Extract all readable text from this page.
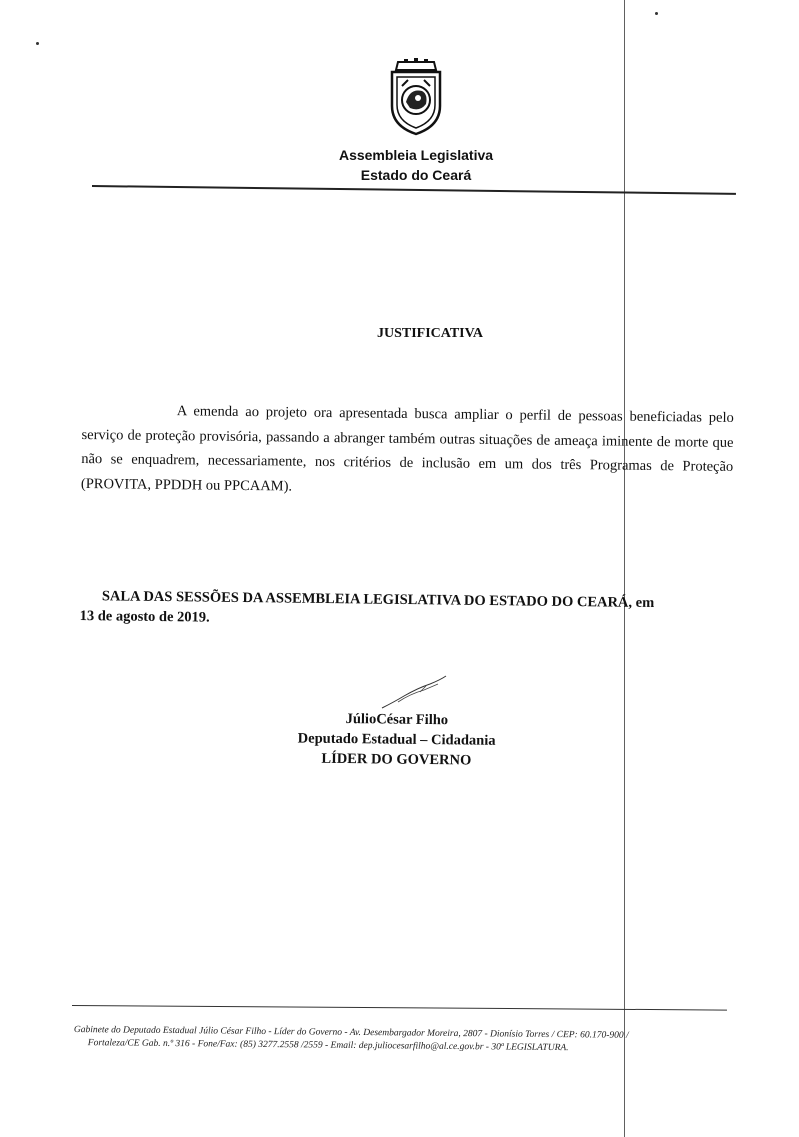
Assembleia Legislativa
Estado do Ceará
JUSTIFICATIVA

A emenda ao projeto ora apresentada busca ampliar o perfil de pessoas beneficiadas pelo serviço de proteção provisória, passando a abranger também outras situações de ameaça iminente de morte que não se enquadrem, necessariamente, nos critérios de inclusão em um dos três Programas de Proteção (PROVITA, PPDDH ou PPCAAM).

SALA DAS SESSÕES DA ASSEMBLEIA LEGISLATIVA DO ESTADO DO CEARÁ, em
13 de agosto de 2019.
JúlioCésar Filho
Deputado Estadual – Cidadania
LÍDER DO GOVERNO
Gabinete do Deputado Estadual Júlio César Filho - Líder do Governo - Av. Desembargador Moreira, 2807 - Dionísio Torres / CEP: 60.170-900 /
Fortaleza/CE Gab. n.º 316 - Fone/Fax: (85) 3277.2558 /2559 - Email: dep.juliocesarfilho@al.ce.gov.br - 30ª LEGISLATURA.
